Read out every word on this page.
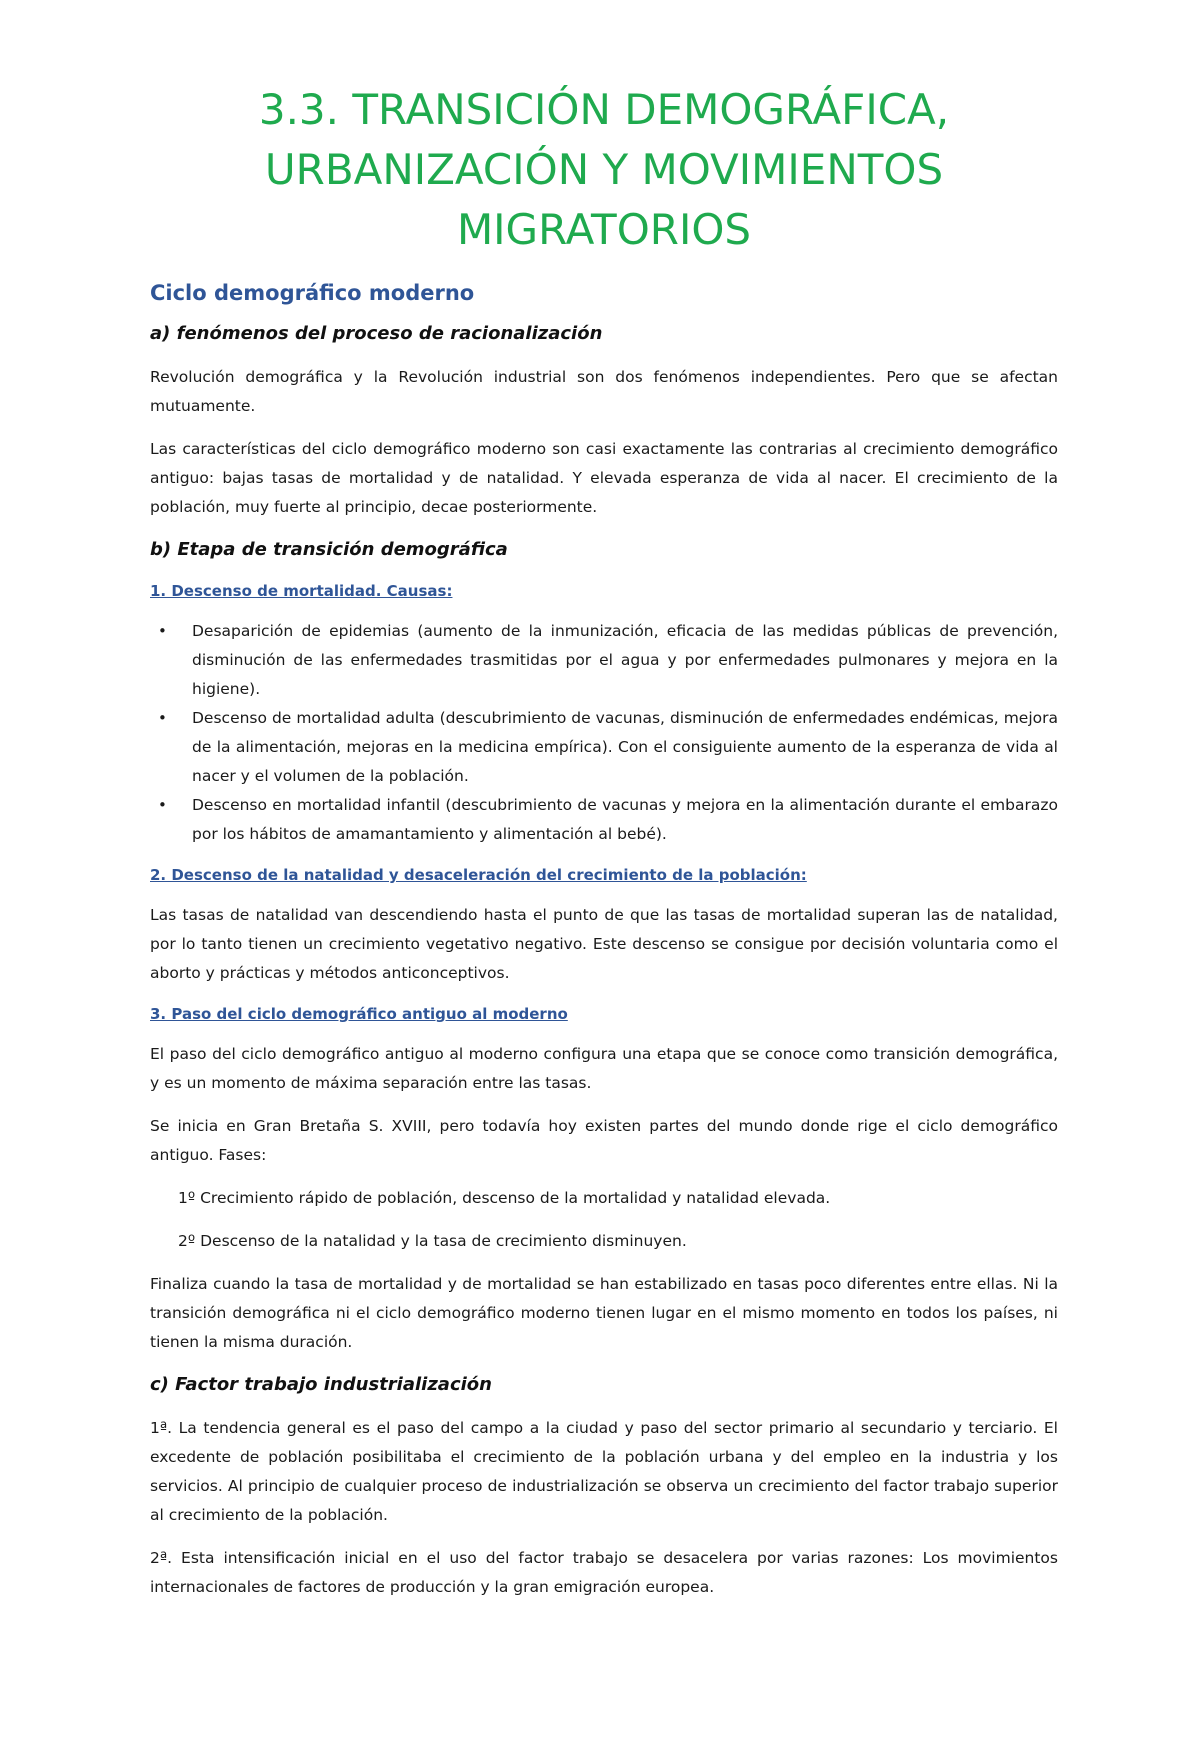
3.3. TRANSICIÓN DEMOGRÁFICA,
URBANIZACIÓN Y MOVIMIENTOS
MIGRATORIOS
Ciclo demográfico moderno
a) fenómenos del proceso de racionalización

Revolución demográfica y la Revolución industrial son dos fenómenos independientes. Pero que se afectan mutuamente.

Las características del ciclo demográfico moderno son casi exactamente las contrarias al crecimiento demográfico antiguo: bajas tasas de mortalidad y de natalidad. Y elevada esperanza de vida al nacer. El crecimiento de la población, muy fuerte al principio, decae posteriormente.

b) Etapa de transición demográfica
1. Descenso de mortalidad. Causas:
• Desaparición de epidemias (aumento de la inmunización, eficacia de las medidas públicas de prevención, disminución de las enfermedades trasmitidas por el agua y por enfermedades pulmonares y mejora en la higiene).
• Descenso de mortalidad adulta (descubrimiento de vacunas, disminución de enfermedades endémicas, mejora de la alimentación, mejoras en la medicina empírica). Con el consiguiente aumento de la esperanza de vida al nacer y el volumen de la población.
• Descenso en mortalidad infantil (descubrimiento de vacunas y mejora en la alimentación durante el embarazo por los hábitos de amamantamiento y alimentación al bebé).
2. Descenso de la natalidad y desaceleración del crecimiento de la población:

Las tasas de natalidad van descendiendo hasta el punto de que las tasas de mortalidad superan las de natalidad, por lo tanto tienen un crecimiento vegetativo negativo. Este descenso se consigue por decisión voluntaria como el aborto y prácticas y métodos anticonceptivos.

3. Paso del ciclo demográfico antiguo al moderno

El paso del ciclo demográfico antiguo al moderno configura una etapa que se conoce como transición demográfica, y es un momento de máxima separación entre las tasas.

Se inicia en Gran Bretaña S. XVIII, pero todavía hoy existen partes del mundo donde rige el ciclo demográfico antiguo. Fases:

1º Crecimiento rápido de población, descenso de la mortalidad y natalidad elevada.

2º Descenso de la natalidad y la tasa de crecimiento disminuyen.

Finaliza cuando la tasa de mortalidad y de mortalidad se han estabilizado en tasas poco diferentes entre ellas. Ni la transición demográfica ni el ciclo demográfico moderno tienen lugar en el mismo momento en todos los países, ni tienen la misma duración.

c) Factor trabajo industrialización

1ª. La tendencia general es el paso del campo a la ciudad y paso del sector primario al secundario y terciario. El excedente de población posibilitaba el crecimiento de la población urbana y del empleo en la industria y los servicios. Al principio de cualquier proceso de industrialización se observa un crecimiento del factor trabajo superior al crecimiento de la población.

2ª. Esta intensificación inicial en el uso del factor trabajo se desacelera por varias razones: Los movimientos internacionales de factores de producción y la gran emigración europea.
